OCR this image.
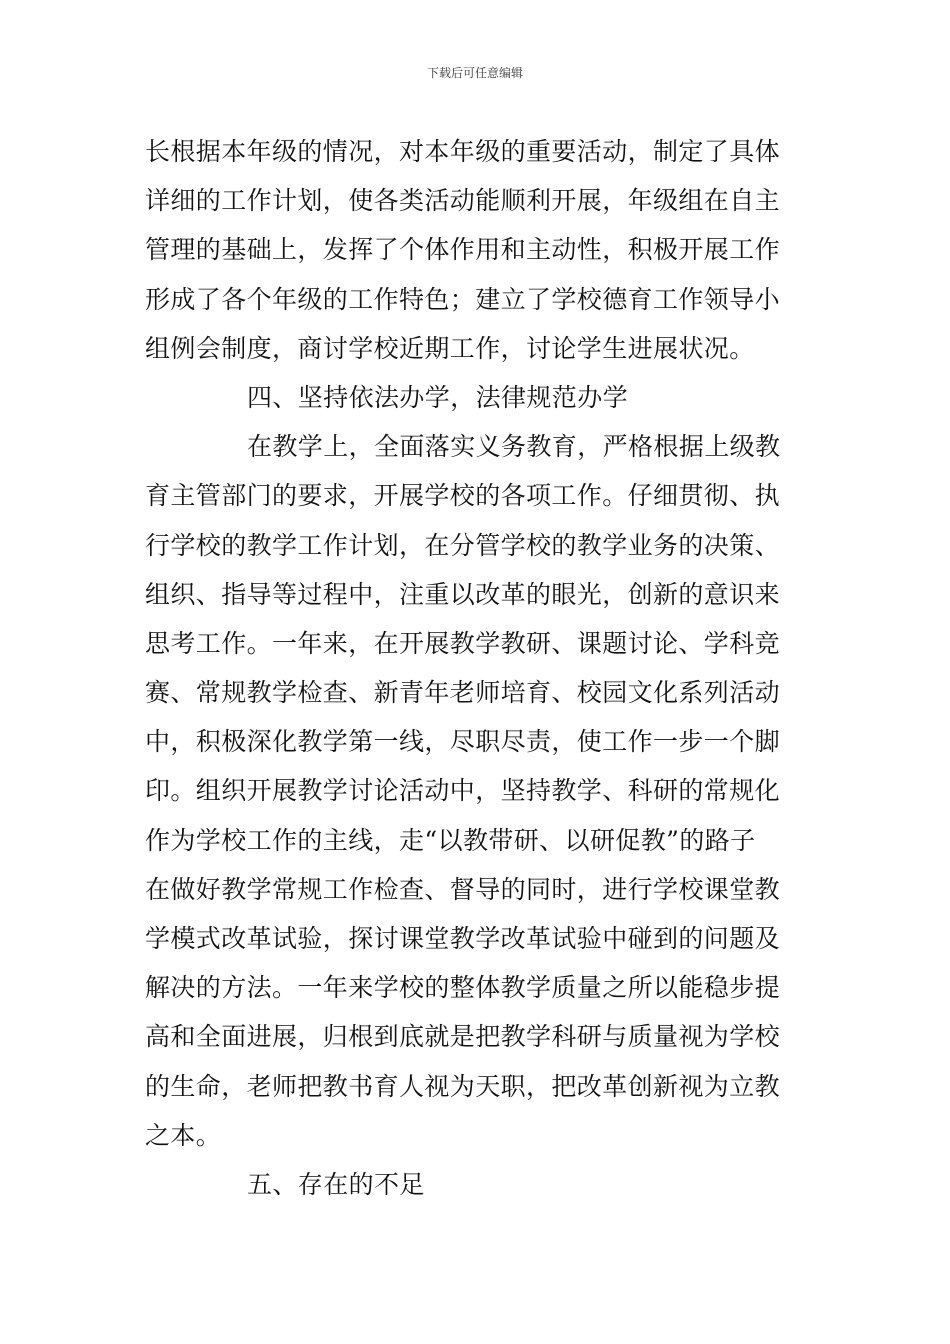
下载后可任意编辑
长根据本年级的情况，对本年级的重要活动，制定了具体
详细的工作计划，使各类活动能顺利开展，年级组在自主
管理的基础上，发挥了个体作用和主动性，积极开展工作
形成了各个年级的工作特色；建立了学校德育工作领导小
组例会制度，商讨学校近期工作，讨论学生进展状况。
四、坚持依法办学，法律规范办学
在教学上，全面落实义务教育，严格根据上级教
育主管部门的要求，开展学校的各项工作。仔细贯彻、执
行学校的教学工作计划，在分管学校的教学业务的决策、
组织、指导等过程中，注重以改革的眼光，创新的意识来
思考工作。一年来，在开展教学教研、课题讨论、学科竞
赛、常规教学检查、新青年老师培育、校园文化系列活动
中，积极深化教学第一线，尽职尽责，使工作一步一个脚
印。组织开展教学讨论活动中，坚持教学、科研的常规化
作为学校工作的主线，走“以教带研、以研促教”的路子
在做好教学常规工作检查、督导的同时，进行学校课堂教
学模式改革试验，探讨课堂教学改革试验中碰到的问题及
解决的方法。一年来学校的整体教学质量之所以能稳步提
高和全面进展，归根到底就是把教学科研与质量视为学校
的生命，老师把教书育人视为天职，把改革创新视为立教
之本。
五、存在的不足
